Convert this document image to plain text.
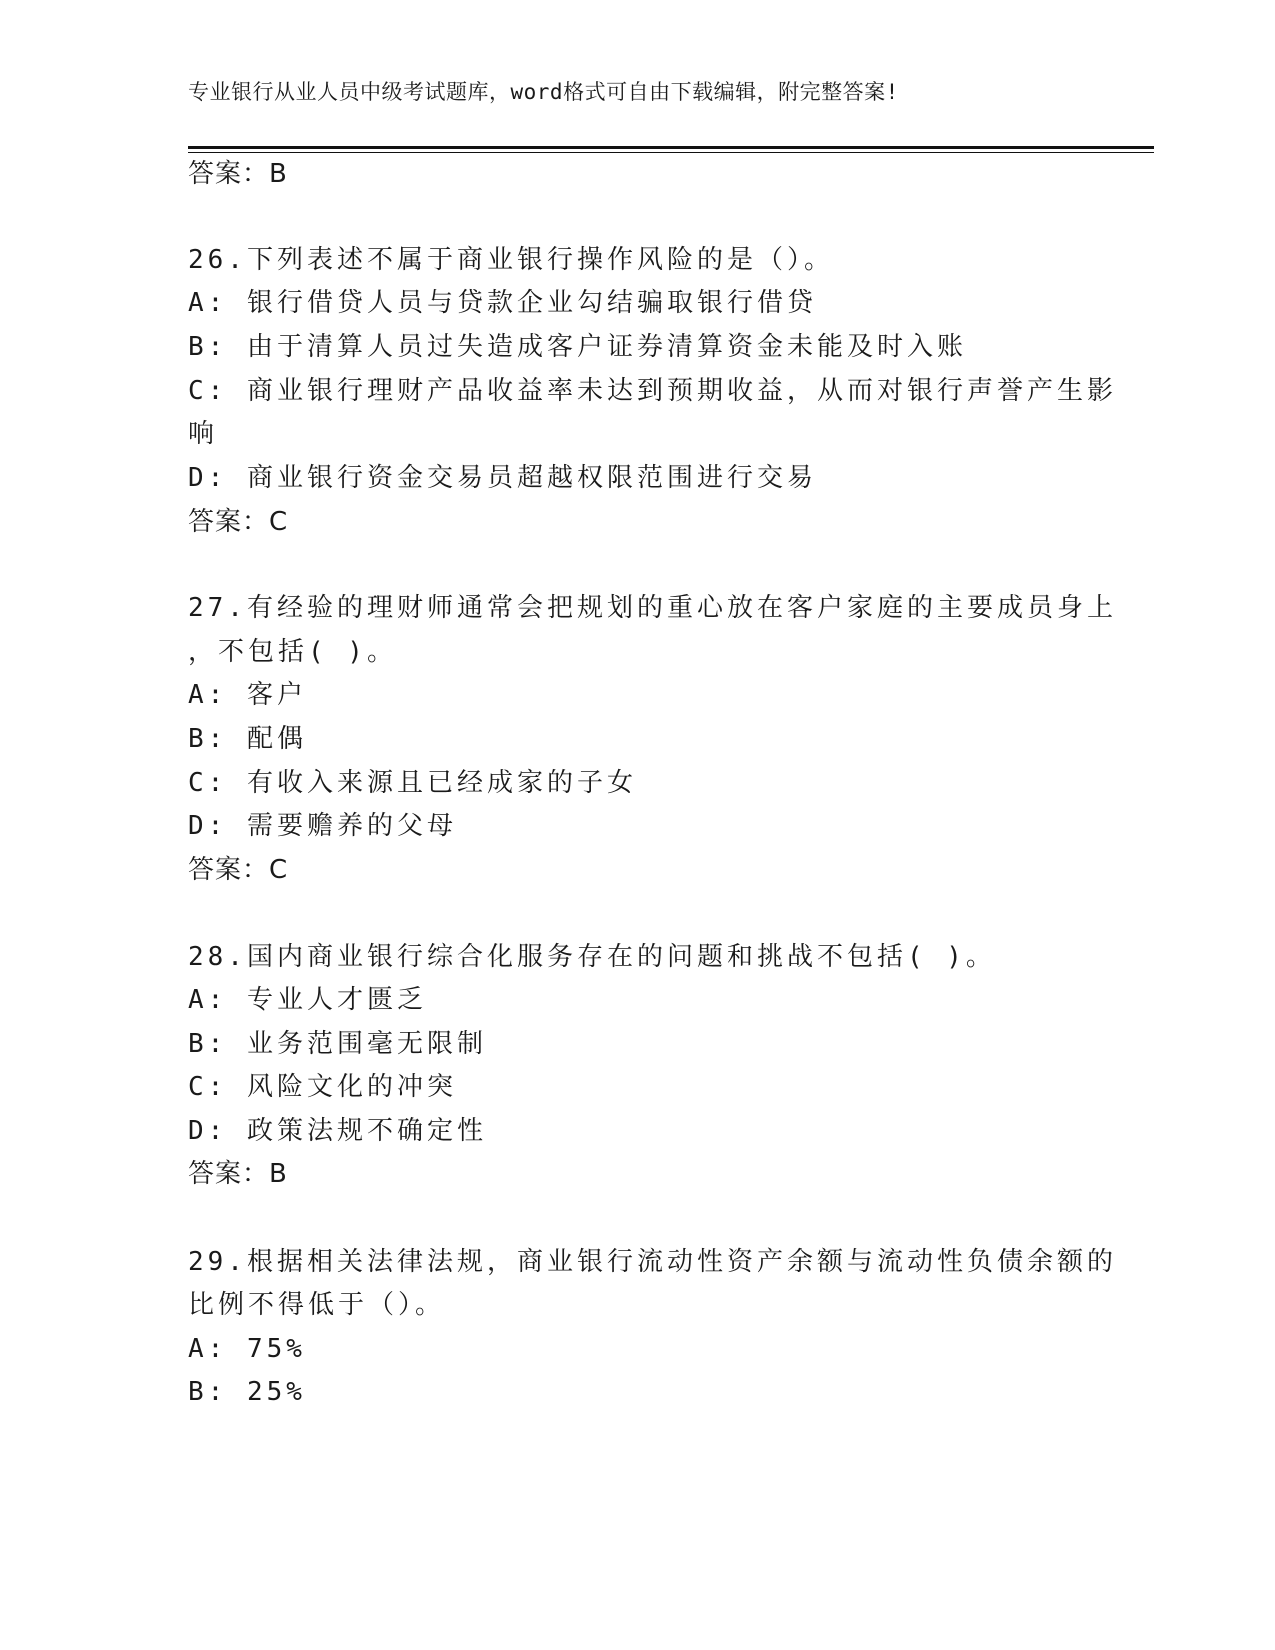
专业银行从业人员中级考试题库，word格式可自由下载编辑，附完整答案!
答案：B
26.下列表述不属于商业银行操作风险的是（）。
A: 银行借贷人员与贷款企业勾结骗取银行借贷
B: 由于清算人员过失造成客户证券清算资金未能及时入账
C: 商业银行理财产品收益率未达到预期收益，从而对银行声誉产生影
响
D: 商业银行资金交易员超越权限范围进行交易
答案：C
27.有经验的理财师通常会把规划的重心放在客户家庭的主要成员身上
，不包括( )。
A: 客户
B: 配偶
C: 有收入来源且已经成家的子女
D: 需要赡养的父母
答案：C
28.国内商业银行综合化服务存在的问题和挑战不包括( )。
A: 专业人才匮乏
B: 业务范围毫无限制
C: 风险文化的冲突
D: 政策法规不确定性
答案：B
29.根据相关法律法规，商业银行流动性资产余额与流动性负债余额的
比例不得低于（）。
A: 75%
B: 25%
